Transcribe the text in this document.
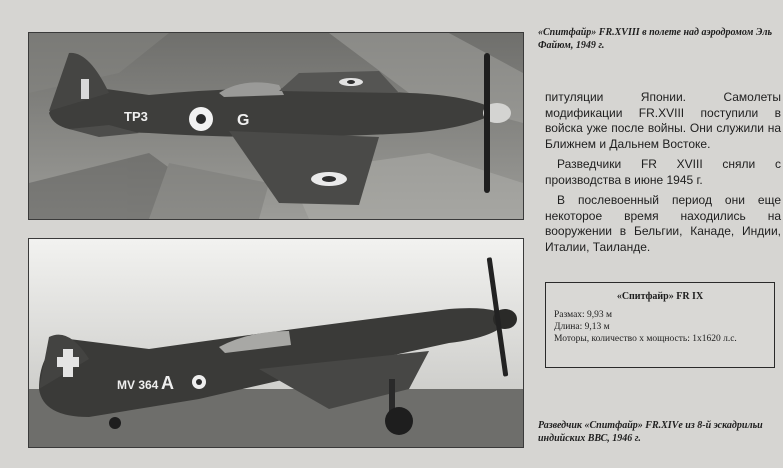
TP3	G
«Спитфайр» FR.XVIII в полете над аэродромом Эль Файюм, 1949 г.

питуляции Японии. Самолеты модификации FR.XVIII поступили в войска уже после войны. Они служили на Ближнем и Дальнем Востоке.

Разведчики FR XVIII сняли с производства в июне 1945 г.

В послевоенный период они еще некоторое время находились на вооружении в Бельгии, Канаде, Индии, Италии, Таиланде.

MV 364 A
«Спитфайр» FR IX
Размах: 9,93 м
Длина: 9,13 м
Моторы, количество х мощность: 1х1620 л.с.
Разведчик «Спитфайр» FR.XIVе из 8-й эскадрильи индийских ВВС, 1946 г.
